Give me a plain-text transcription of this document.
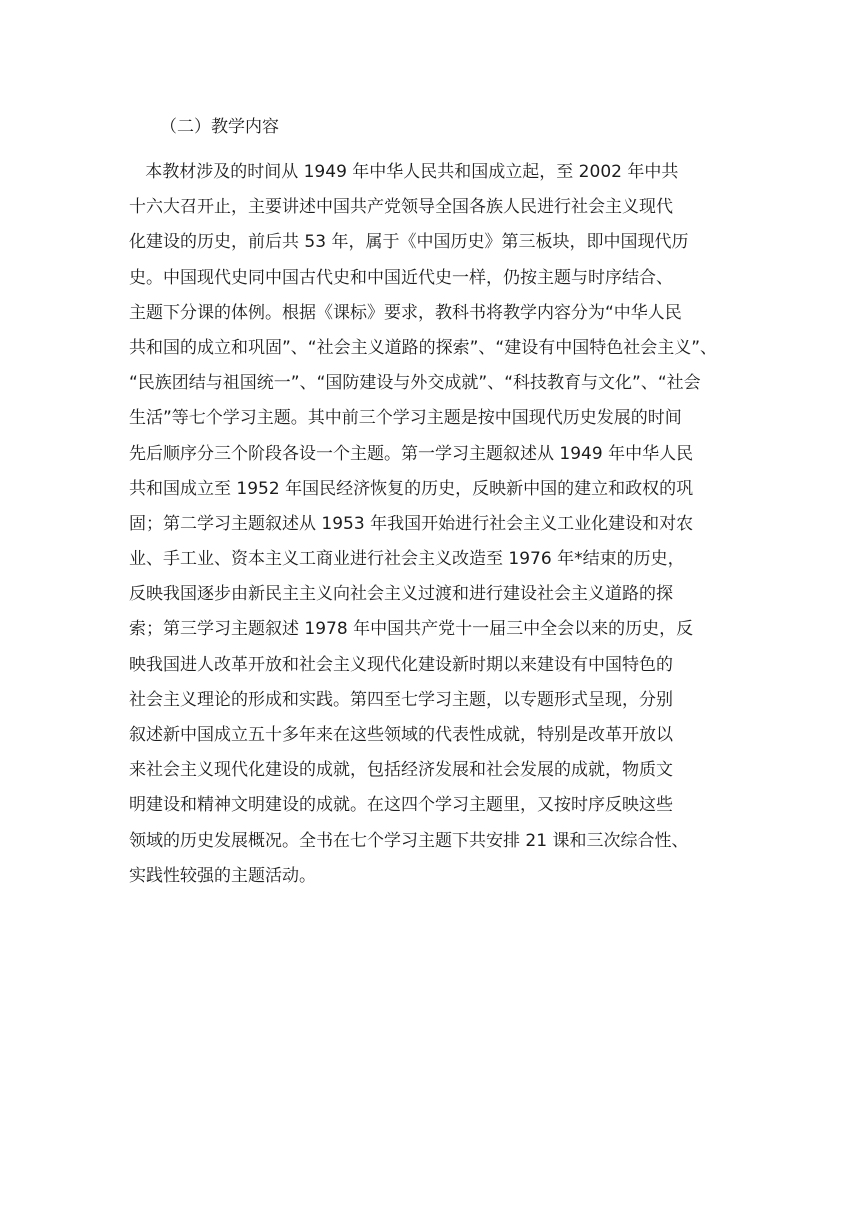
（二）教学内容
本教材涉及的时间从 1949 年中华人民共和国成立起，至 2002 年中共
十六大召开止，主要讲述中国共产党领导全国各族人民进行社会主义现代
化建设的历史，前后共 53 年，属于《中国历史》第三板块，即中国现代历
史。中国现代史同中国古代史和中国近代史一样，仍按主题与时序结合、
主题下分课的体例。根据《课标》要求，教科书将教学内容分为“中华人民
共和国的成立和巩固”、“社会主义道路的探索”、“建设有中国特色社会主义”、
“民族团结与祖国统一”、“国防建设与外交成就”、“科技教育与文化”、“社会
生活”等七个学习主题。其中前三个学习主题是按中国现代历史发展的时间
先后顺序分三个阶段各设一个主题。第一学习主题叙述从 1949 年中华人民
共和国成立至 1952 年国民经济恢复的历史，反映新中国的建立和政权的巩
固；第二学习主题叙述从 1953 年我国开始进行社会主义工业化建设和对农
业、手工业、资本主义工商业进行社会主义改造至 1976 年*结束的历史，
反映我国逐步由新民主主义向社会主义过渡和进行建设社会主义道路的探
索；第三学习主题叙述 1978 年中国共产党十一届三中全会以来的历史，反
映我国进人改革开放和社会主义现代化建设新时期以来建设有中国特色的
社会主义理论的形成和实践。第四至七学习主题，以专题形式呈现，分别
叙述新中国成立五十多年来在这些领域的代表性成就，特别是改革开放以
来社会主义现代化建设的成就，包括经济发展和社会发展的成就，物质文
明建设和精神文明建设的成就。在这四个学习主题里，又按时序反映这些
领域的历史发展概况。全书在七个学习主题下共安排 21 课和三次综合性、
实践性较强的主题活动。
